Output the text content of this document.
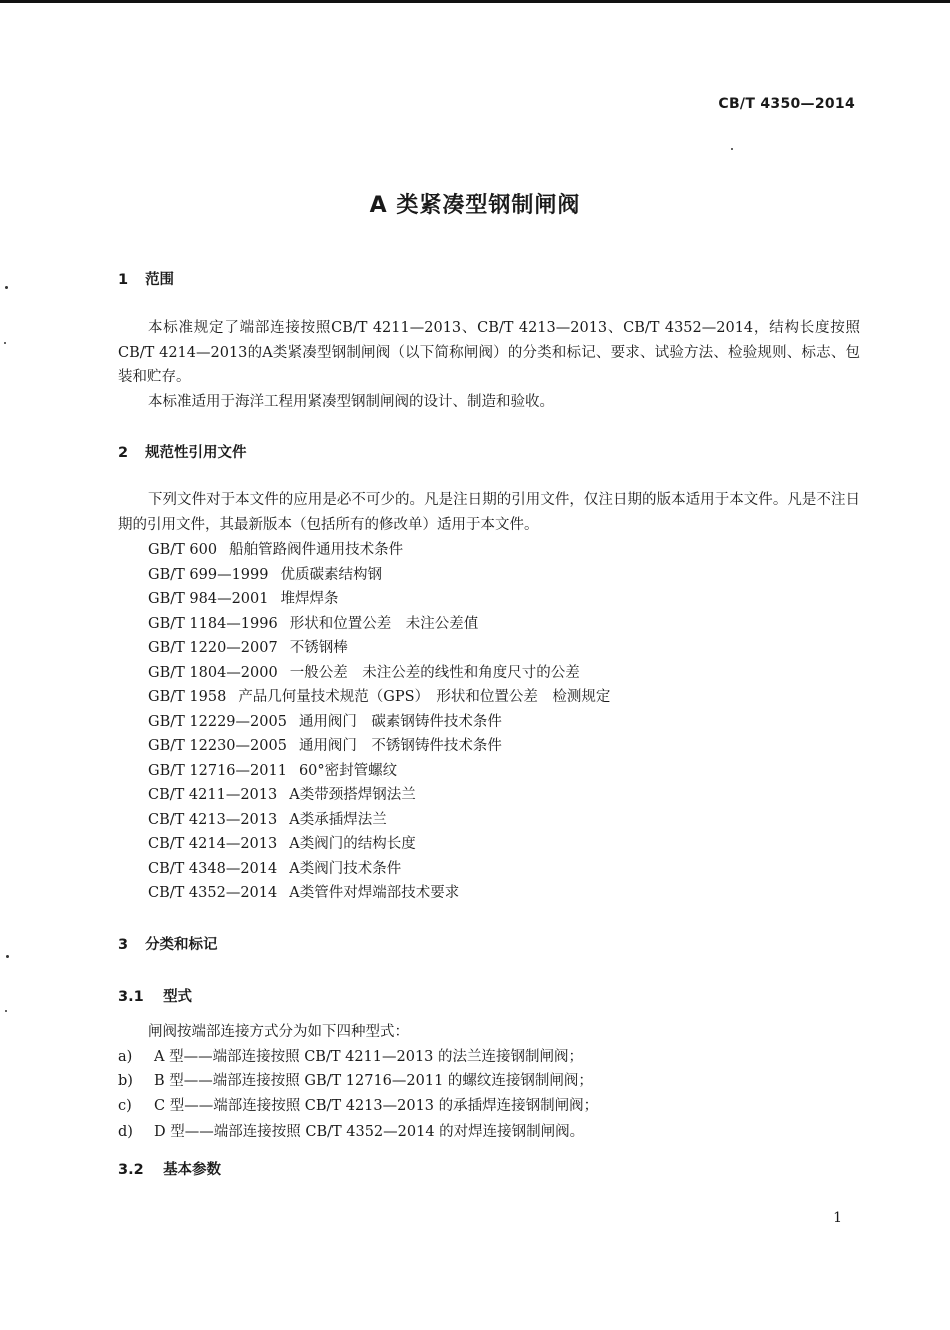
CB/T 4350—2014
A 类紧凑型钢制闸阀
1 范围
本标准规定了端部连接按照CB/T 4211—2013、CB/T 4213—2013、CB/T 4352—2014，结构长度按照CB/T 4214—2013的A类紧凑型钢制闸阀（以下简称闸阀）的分类和标记、要求、试验方法、检验规则、标志、包装和贮存。
本标准适用于海洋工程用紧凑型钢制闸阀的设计、制造和验收。
2 规范性引用文件
下列文件对于本文件的应用是必不可少的。凡是注日期的引用文件，仅注日期的版本适用于本文件。凡是不注日期的引用文件，其最新版本（包括所有的修改单）适用于本文件。
GB/T 600 船舶管路阀件通用技术条件
GB/T 699—1999 优质碳素结构钢
GB/T 984—2001 堆焊焊条
GB/T 1184—1996 形状和位置公差　未注公差值
GB/T 1220—2007 不锈钢棒
GB/T 1804—2000 一般公差　未注公差的线性和角度尺寸的公差
GB/T 1958 产品几何量技术规范（GPS）　形状和位置公差　检测规定
GB/T 12229—2005 通用阀门　碳素钢铸件技术条件
GB/T 12230—2005 通用阀门　不锈钢铸件技术条件
GB/T 12716—2011 60°密封管螺纹
CB/T 4211—2013 A类带颈搭焊钢法兰
CB/T 4213—2013 A类承插焊法兰
CB/T 4214—2013 A类阀门的结构长度
CB/T 4348—2014 A类阀门技术条件
CB/T 4352—2014 A类管件对焊端部技术要求
3 分类和标记
3.1 型式
闸阀按端部连接方式分为如下四种型式：
a) A 型——端部连接按照 CB/T 4211—2013 的法兰连接钢制闸阀；
b) B 型——端部连接按照 GB/T 12716—2011 的螺纹连接钢制闸阀；
c) C 型——端部连接按照 CB/T 4213—2013 的承插焊连接钢制闸阀；
d) D 型——端部连接按照 CB/T 4352—2014 的对焊连接钢制闸阀。
3.2 基本参数
1
